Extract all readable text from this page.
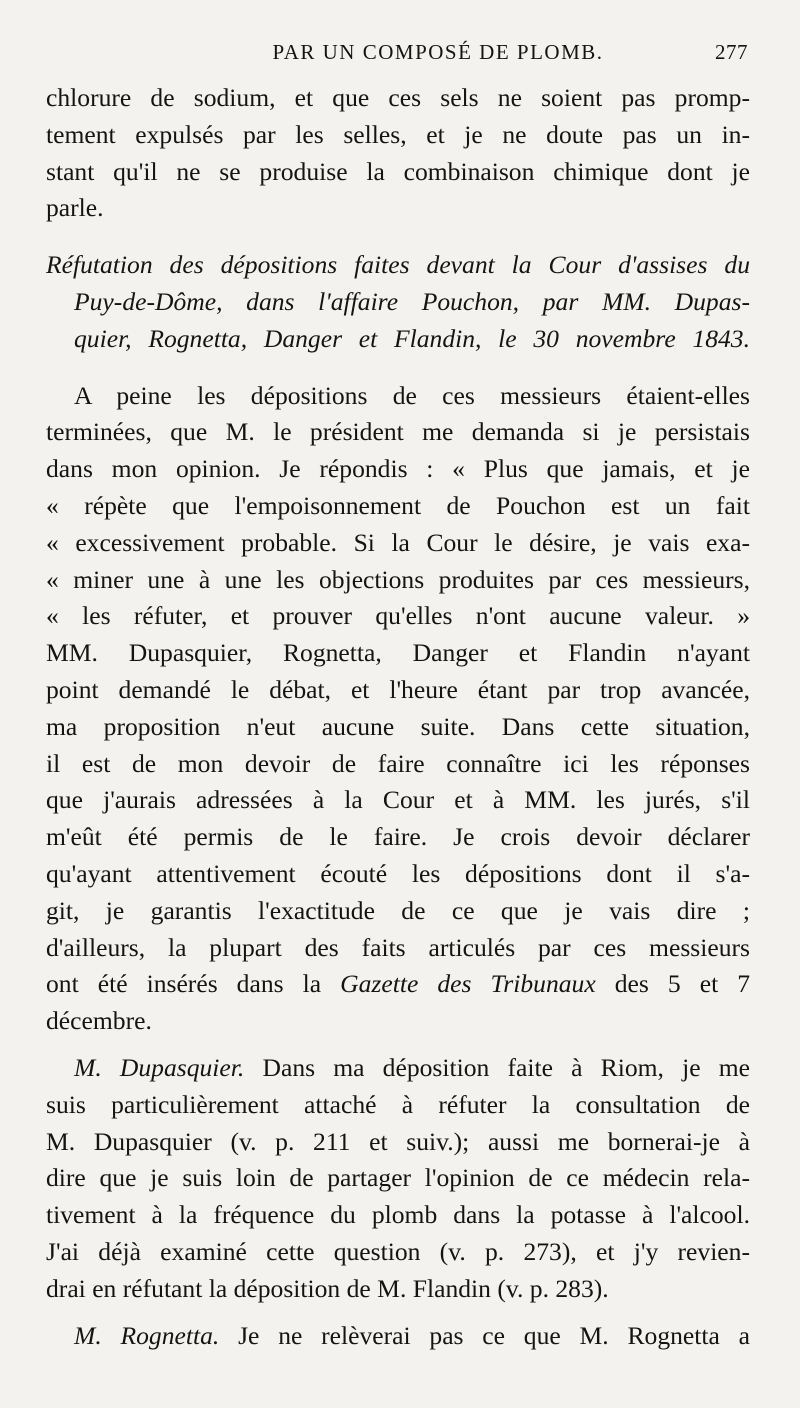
PAR UN COMPOSÉ DE PLOMB.	277
chlorure de sodium, et que ces sels ne soient pas promp-
tement expulsés par les selles, et je ne doute pas un in-
stant qu'il ne se produise la combinaison chimique dont je
parle.
Réfutation des dépositions faites devant la Cour d'assises du
Puy-de-Dôme, dans l'affaire Pouchon, par MM. Dupas-
quier, Rognetta, Danger et Flandin, le 30 novembre 1843.
A peine les dépositions de ces messieurs étaient-elles
terminées, que M. le président me demanda si je persistais
dans mon opinion. Je répondis : « Plus que jamais, et je
« répète que l'empoisonnement de Pouchon est un fait
« excessivement probable. Si la Cour le désire, je vais exa-
« miner une à une les objections produites par ces messieurs,
« les réfuter, et prouver qu'elles n'ont aucune valeur. »
MM. Dupasquier, Rognetta, Danger et Flandin n'ayant
point demandé le débat, et l'heure étant par trop avancée,
ma proposition n'eut aucune suite. Dans cette situation,
il est de mon devoir de faire connaître ici les réponses
que j'aurais adressées à la Cour et à MM. les jurés, s'il
m'eût été permis de le faire. Je crois devoir déclarer
qu'ayant attentivement écouté les dépositions dont il s'a-
git, je garantis l'exactitude de ce que je vais dire ;
d'ailleurs, la plupart des faits articulés par ces messieurs
ont été insérés dans la Gazette des Tribunaux des 5 et 7
décembre.
M. Dupasquier. Dans ma déposition faite à Riom, je me
suis particulièrement attaché à réfuter la consultation de
M. Dupasquier (v. p. 211 et suiv.); aussi me bornerai-je à
dire que je suis loin de partager l'opinion de ce médecin rela-
tivement à la fréquence du plomb dans la potasse à l'alcool.
J'ai déjà examiné cette question (v. p. 273), et j'y revien-
drai en réfutant la déposition de M. Flandin (v. p. 283).
M. Rognetta. Je ne relèverai pas ce que M. Rognetta a
